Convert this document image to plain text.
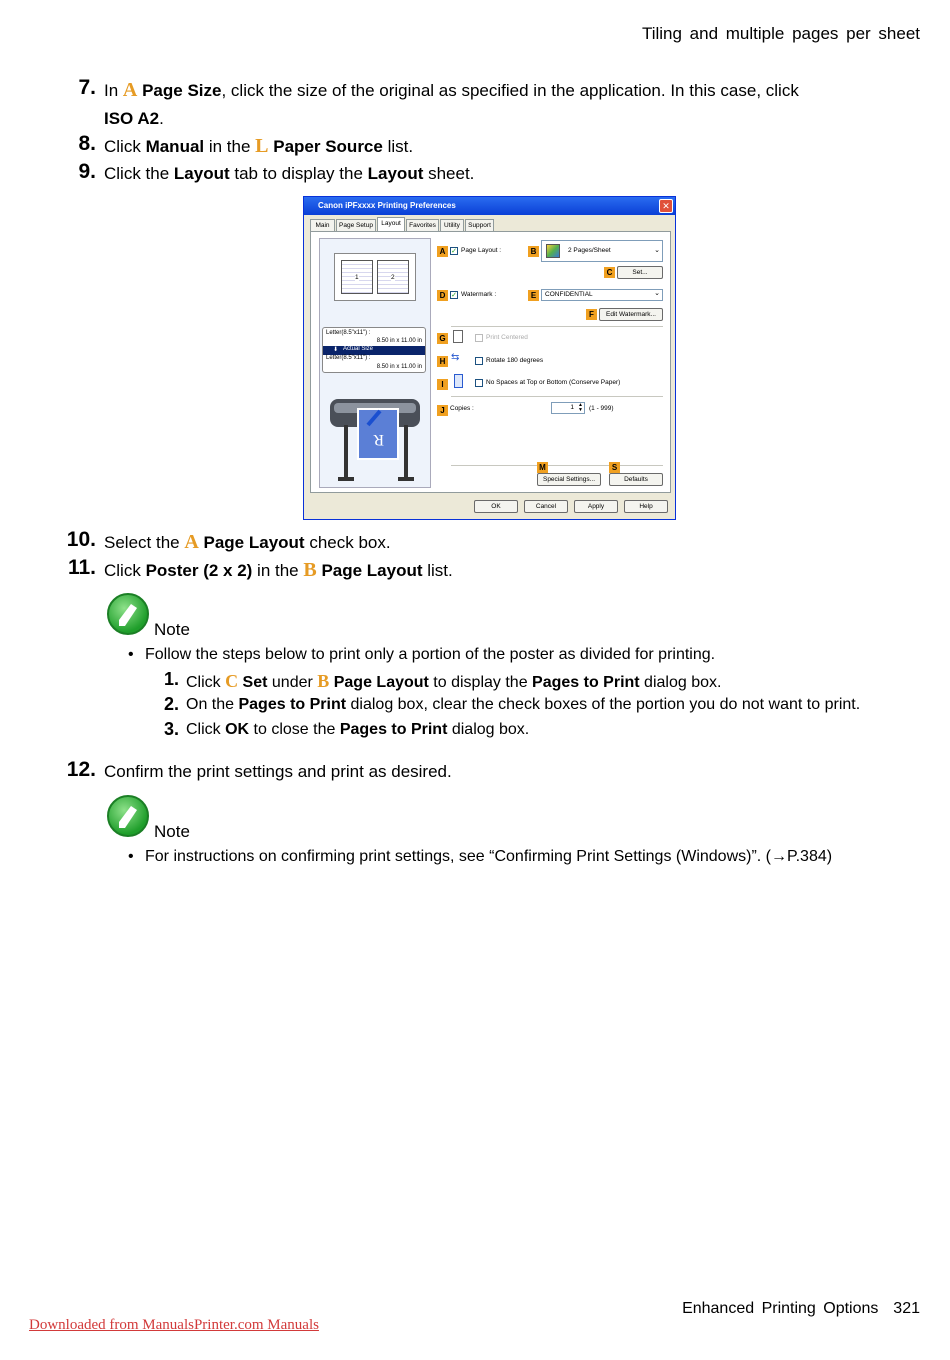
Tiling and multiple pages per sheet
7. In A Page Size, click the size of the original as specified in the application. In this case, click
ISO A2.
8. Click Manual in the L Paper Source list.
9. Click the Layout tab to display the Layout sheet.
Canon iPFxxxx Printing Preferences	✕
Main	Page Setup	Layout	Favorites	Utility	Support
1	2
Letter(8.5"x11") :
8.50 in x 11.00 in
Actual Size
⬇
Letter(8.5"x11") :
8.50 in x 11.00 in
R
A ✓ Page Layout :	B	2 Pages/Sheet	⌄
C	Set...
D ✓ Watermark :	E	CONFIDENTIAL	⌄
F	Edit Watermark...
G	Print Centered
H ⇆	Rotate 180 degrees
I	No Spaces at Top or Bottom (Conserve Paper)
J Copies :	1 ▲
▼ (1 - 999)
M
Special Settings...
S
Defaults
OK	Cancel	Apply	Help
10. Select the A Page Layout check box.
11. Click Poster (2 x 2) in the B Page Layout list.
Note
• Follow the steps below to print only a portion of the poster as divided for printing.
1. Click C Set under B Page Layout to display the Pages to Print dialog box.
2. On the Pages to Print dialog box, clear the check boxes of the portion you do not want to print.
3. Click OK to close the Pages to Print dialog box.
12. Confirm the print settings and print as desired.
Note
• For instructions on confirming print settings, see “Confirming Print Settings (Windows)”. (→P.384)
Enhanced Printing Options 321
Downloaded from ManualsPrinter.com Manuals
